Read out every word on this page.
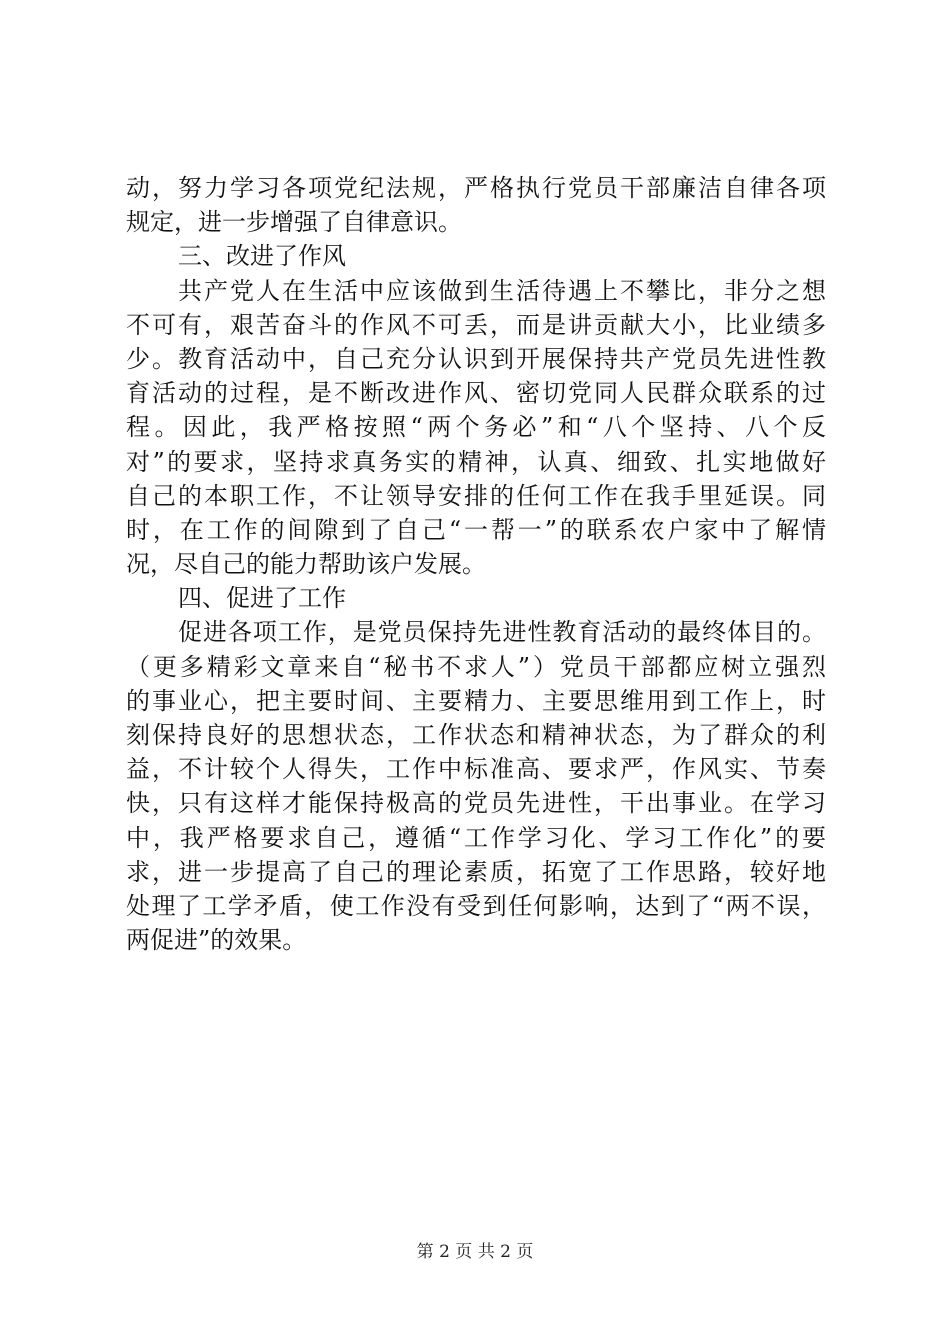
动，努力学习各项党纪法规，严格执行党员干部廉洁自律各项
规定，进一步增强了自律意识。
三、改进了作风
共产党人在生活中应该做到生活待遇上不攀比，非分之想
不可有，艰苦奋斗的作风不可丢，而是讲贡献大小，比业绩多
少。教育活动中，自己充分认识到开展保持共产党员先进性教
育活动的过程，是不断改进作风、密切党同人民群众联系的过
程。因此，我严格按照“两个务必”和“八个坚持、八个反
对”的要求，坚持求真务实的精神，认真、细致、扎实地做好
自己的本职工作，不让领导安排的任何工作在我手里延误。同
时，在工作的间隙到了自己“一帮一”的联系农户家中了解情
况，尽自己的能力帮助该户发展。
四、促进了工作
促进各项工作，是党员保持先进性教育活动的最终体目的。
（更多精彩文章来自“秘书不求人”）党员干部都应树立强烈
的事业心，把主要时间、主要精力、主要思维用到工作上，时
刻保持良好的思想状态，工作状态和精神状态，为了群众的利
益，不计较个人得失，工作中标准高、要求严，作风实、节奏
快，只有这样才能保持极高的党员先进性，干出事业。在学习
中，我严格要求自己，遵循“工作学习化、学习工作化”的要
求，进一步提高了自己的理论素质，拓宽了工作思路，较好地
处理了工学矛盾，使工作没有受到任何影响，达到了“两不误，
两促进”的效果。
第 2 页 共 2 页
